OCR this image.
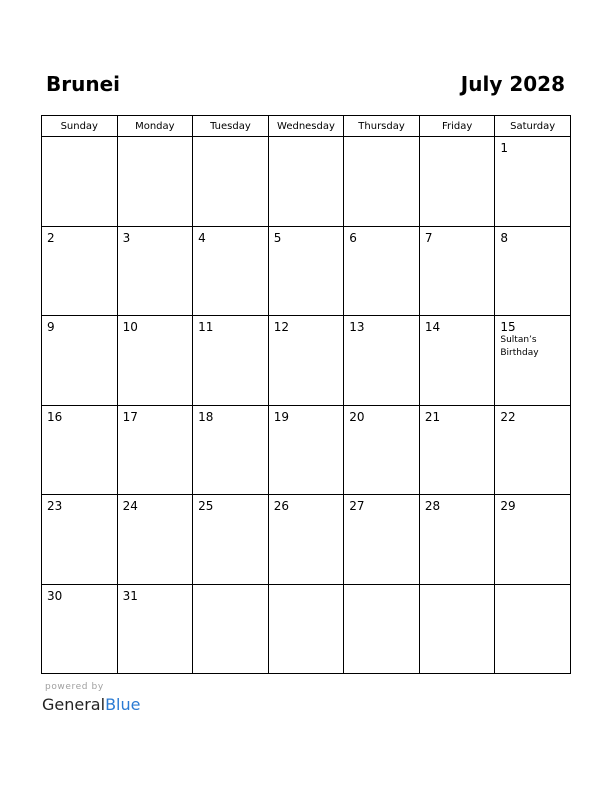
Brunei	July 2028
Sunday	Monday	Tuesday	Wednesday	Thursday	Friday	Saturday

						1

2	3	4	5	6	7	8

9	10	11	12	13	14	15
Sultan’s Birthday

16	17	18	19	20	21	22

23	24	25	26	27	28	29

30	31					

powered by
GeneralBlue
